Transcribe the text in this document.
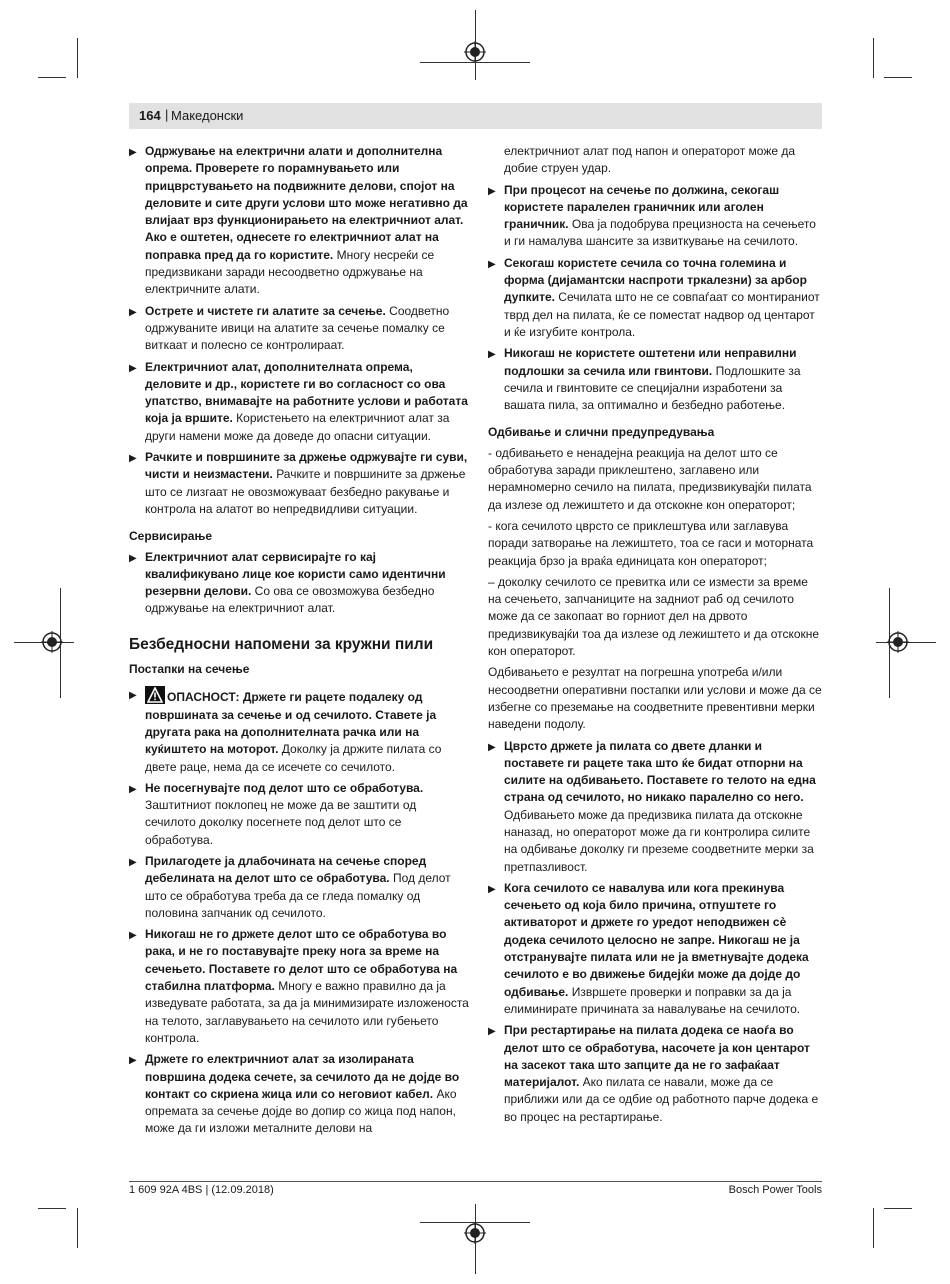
164 | Македонски
▶ Одржување на електрични алати и дополнителна опрема. Проверете го порамнувањето или прицврстувањето на подвижните делови, спојот на деловите и сите други услови што може негативно да влијаат врз функционирањето на електричниот алат. Ако е оштетен, однесете го електричниот алат на поправка пред да го користите. Многу несреќи се предизвикани заради несоодветно одржување на електричните алати.
▶ Острете и чистете ги алатите за сечење. Соодветно одржуваните ивици на алатите за сечење помалку се виткаат и полесно се контролираат.
▶ Електричниот алат, дополнителната опрема, деловите и др., користете ги во согласност со ова упатство, внимавајте на работните услови и работата која ја вршите. Користењето на електричниот алат за други намени може да доведе до опасни ситуации.
▶ Рачките и површините за држење одржувајте ги суви, чисти и неизмастени. Рачките и површините за држење што се лизгаат не овозможуваат безбедно ракување и контрола на алатот во непредвидливи ситуации.
Сервисирање
▶ Електричниот алат сервисирајте го кај квалификувано лице кое користи само идентични резервни делови. Со ова се овозможува безбедно одржување на електричниот алат.
Безбедносни напомени за кружни пили
Постапки на сечење
▶ ОПАСНОСТ: Држете ги рацете подалеку од површината за сечење и од сечилото. Ставете ја другата рака на дополнителната рачка или на куќиштето на моторот. Доколку ја држите пилата со двете раце, нема да се исечете со сечилото.
▶ Не посегнувајте под делот што се обработува. Заштитниот поклопец не може да ве заштити од сечилото доколку посегнете под делот што се обработува.
▶ Прилагодете ја длабочината на сечење според дебелината на делот што се обработува. Под делот што се обработува треба да се гледа помалку од половина запчаник од сечилото.
▶ Никогаш не го држете делот што се обработува во рака, и не го поставувајте преку нога за време на сечењето. Поставете го делот што се обработува на стабилна платформа. Многу е важно правилно да ја изведувате работата, за да ја минимизирате изложеноста на телото, заглавувањето на сечилото или губењето контрола.
▶ Држете го електричниот алат за изолираната површина додека сечете, за сечилото да не дојде во контакт со скриена жица или со неговиот кабел. Ако опремата за сечење дојде во допир со жица под напон, може да ги изложи металните делови на
електричниот алат под напон и операторот може да добие струен удар.
▶ При процесот на сечење по должина, секогаш користете паралелен граничник или аголен граничник. Ова ја подобрува прецизноста на сечењето и ги намалува шансите за извиткување на сечилото.
▶ Секогаш користете сечила со точна големина и форма (дијамантски наспроти тркалезни) за арбор дупките. Сечилата што не се совпаѓаат со монтираниот тврд дел на пилата, ќе се поместат надвор од центарот и ќе изгубите контрола.
▶ Никогаш не користете оштетени или неправилни подлошки за сечила или гвинтови. Подлошките за сечила и гвинтовите се специјални изработени за вашата пила, за оптимално и безбедно работење.
Одбивање и слични предупредувања
- одбивањето е ненадејна реакција на делот што се обработува заради приклештено, заглавено или нерамномерно сечило на пилата, предизвикувајќи пилата да излезе од лежиштето и да отскокне кон операторот;
- кога сечилото цврсто се приклештува или заглавува поради затворање на лежиштето, тоа се гаси и моторната реакција брзо ја враќа единицата кон операторот;
– доколку сечилото се превитка или се измести за време на сечењето, запчаниците на задниот раб од сечилото може да се закопаат во горниот дел на дрвото предизвикувајќи тоа да излезе од лежиштето и да отскокне кон операторот.
Одбивањето е резултат на погрешна употреба и/или несоодветни оперативни постапки или услови и може да се избегне со преземање на соодветните превентивни мерки наведени подолу.
▶ Цврсто држете ја пилата со двете дланки и поставете ги рацете така што ќе бидат отпорни на силите на одбивањето. Поставете го телото на една страна од сечилото, но никако паралелно со него. Одбивањето може да предизвика пилата да отскокне наназад, но операторот може да ги контролира силите на одбивање доколку ги преземе соодветните мерки за претпазливост.
▶ Кога сечилото се навалува или кога прекинува сечењето од која било причина, отпуштете го активаторот и држете го уредот неподвижен сè додека сечилото целосно не запре. Никогаш не ја отстранувајте пилата или не ја вметнувајте додека сечилото е во движење бидејќи може да дојде до одбивање. Извршете проверки и поправки за да ја елиминирате причината за навалување на сечилото.
▶ При рестартирање на пилата додека се наоѓа во делот што се обработува, насочете ја кон центарот на засекот така што запците да не го зафаќаат материјалот. Ако пилата се навали, може да се приближи или да се одбие од работното парче додека е во процес на рестартирање.
1 609 92A 4BS | (12.09.2018)	Bosch Power Tools
